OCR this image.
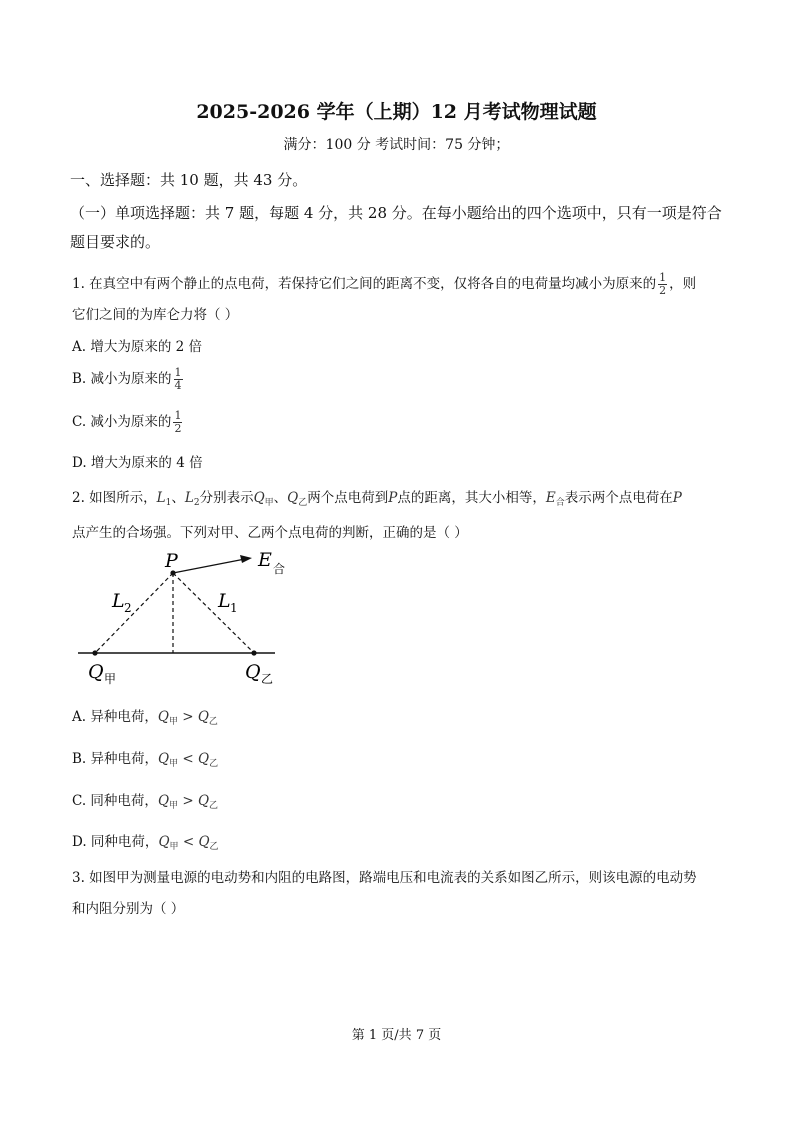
2025-2026 学年（上期）12 月考试物理试题
满分：100 分 考试时间：75 分钟；
一、选择题：共 10 题，共 43 分。
（一）单项选择题：共 7 题，每题 4 分，共 28 分。在每小题给出的四个选项中，只有一项是符合题目要求的。
1. 在真空中有两个静止的点电荷，若保持它们之间的距离不变，仅将各自的电荷量均减小为原来的 $\frac{1}{2}$ ，则
它们之间的为库仑力将（ ）
A. 增大为原来的 2 倍
B. 减小为原来的 $\frac{1}{4}$
C. 减小为原来的 $\frac{1}{2}$
D. 增大为原来的 4 倍
2. 如图所示，$L_1$、$L_2$分别表示$Q_甲$、$Q_乙$两个点电荷到P点的距离，其大小相等，$E_合$表示两个点电荷在P
点产生的合场强。下列对甲、乙两个点电荷的判断，正确的是（ ）
P	E 合
L 2	L 1
Q 甲	Q 乙
A. 异种电荷，$Q_甲 > Q_乙$
B. 异种电荷，$Q_甲 < Q_乙$
C. 同种电荷，$Q_甲 > Q_乙$
D. 同种电荷，$Q_甲 < Q_乙$
3. 如图甲为测量电源的电动势和内阻的电路图，路端电压和电流表的关系如图乙所示，则该电源的电动势
和内阻分别为（ ）
第 1 页/共 7 页
